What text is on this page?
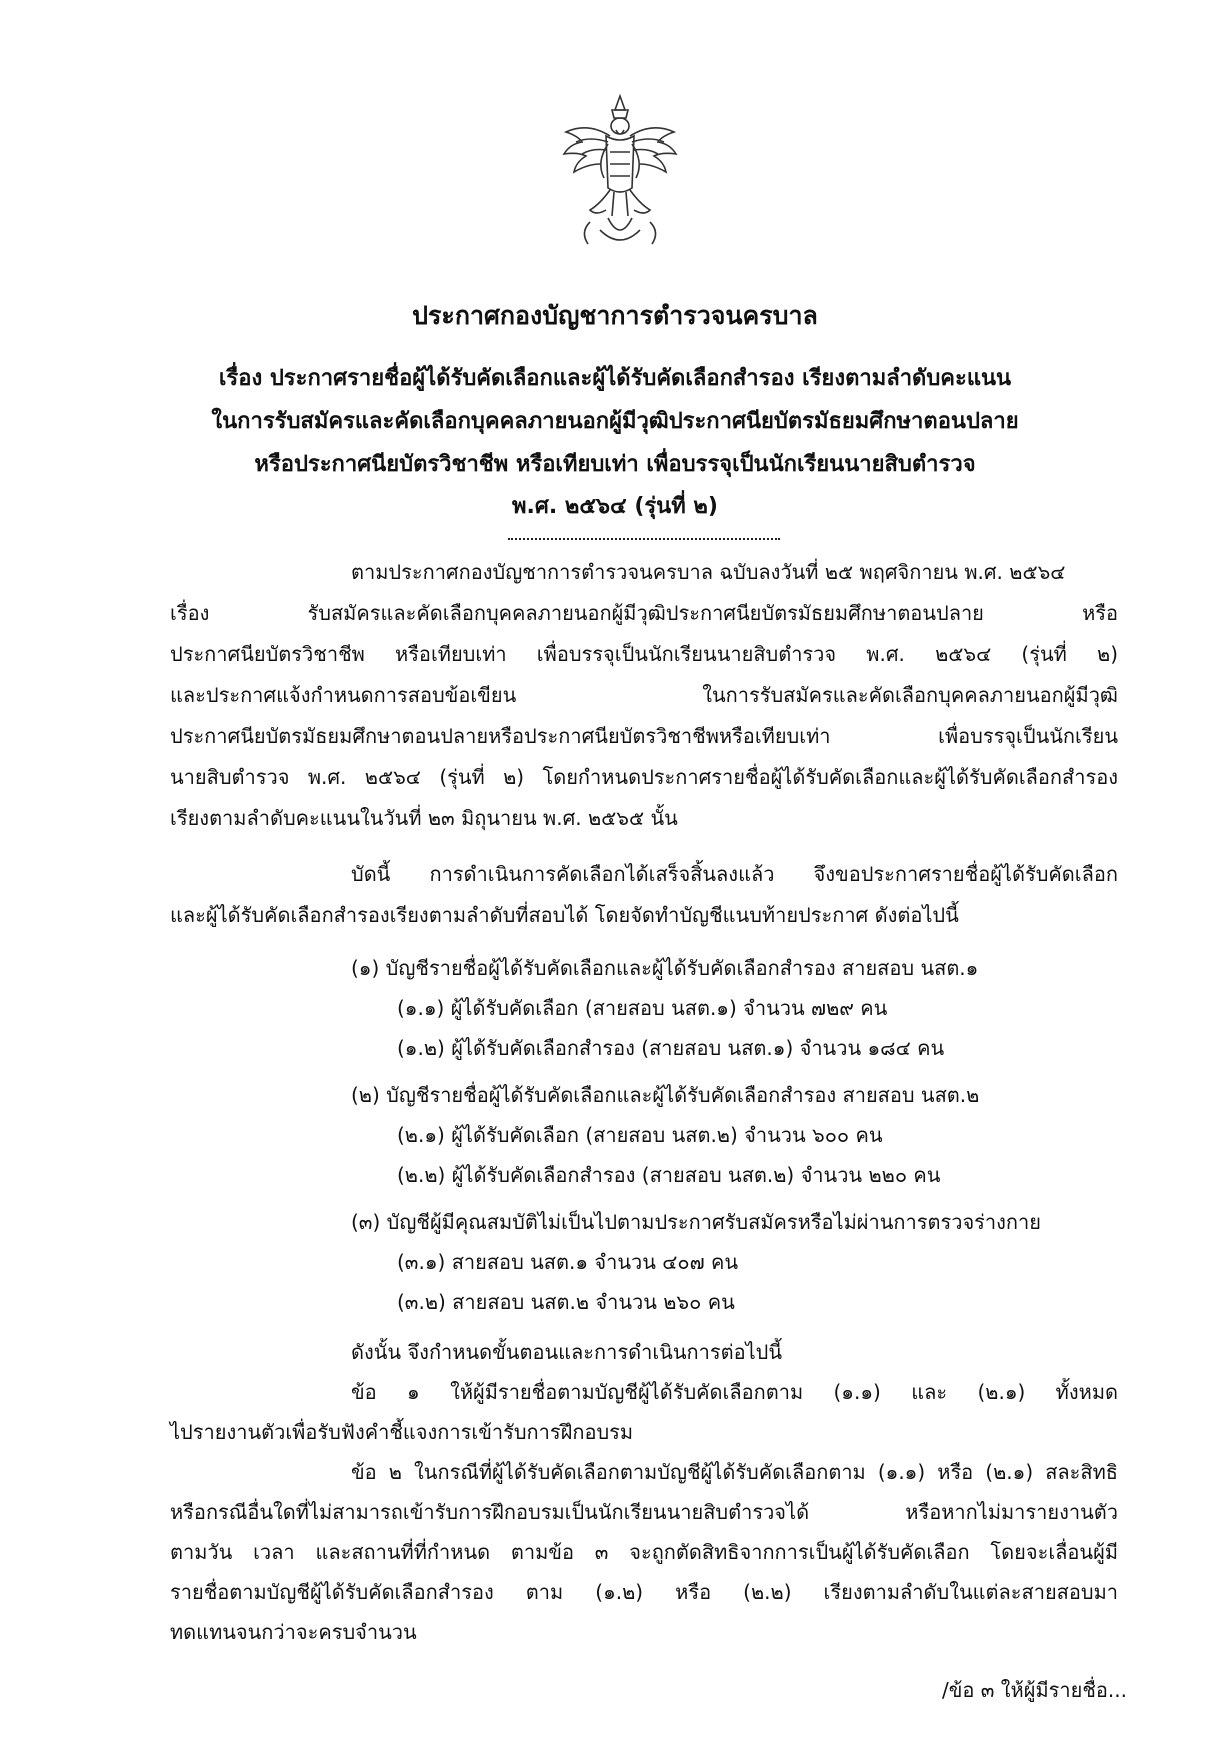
ประกาศกองบัญชาการตำรวจนครบาล
เรื่อง ประกาศรายชื่อผู้ได้รับคัดเลือกและผู้ได้รับคัดเลือกสำรอง เรียงตามลำดับคะแนน
ในการรับสมัครและคัดเลือกบุคคลภายนอกผู้มีวุฒิประกาศนียบัตรมัธยมศึกษาตอนปลาย
หรือประกาศนียบัตรวิชาชีพ หรือเทียบเท่า เพื่อบรรจุเป็นนักเรียนนายสิบตำรวจ
พ.ศ. ๒๕๖๔ (รุ่นที่ ๒)
ตามประกาศกองบัญชาการตำรวจนครบาล ฉบับลงวันที่ ๒๕ พฤศจิกายน พ.ศ. ๒๕๖๔
เรื่อง รับสมัครและคัดเลือกบุคคลภายนอกผู้มีวุฒิประกาศนียบัตรมัธยมศึกษาตอนปลาย หรือ
ประกาศนียบัตรวิชาชีพ หรือเทียบเท่า เพื่อบรรจุเป็นนักเรียนนายสิบตำรวจ พ.ศ. ๒๕๖๔ (รุ่นที่ ๒)
และประกาศแจ้งกำหนดการสอบข้อเขียน ในการรับสมัครและคัดเลือกบุคคลภายนอกผู้มีวุฒิ
ประกาศนียบัตรมัธยมศึกษาตอนปลายหรือประกาศนียบัตรวิชาชีพหรือเทียบเท่า เพื่อบรรจุเป็นนักเรียน
นายสิบตำรวจ พ.ศ. ๒๕๖๔ (รุ่นที่ ๒) โดยกำหนดประกาศรายชื่อผู้ได้รับคัดเลือกและผู้ได้รับคัดเลือกสำรอง
เรียงตามลำดับคะแนนในวันที่ ๒๓ มิถุนายน พ.ศ. ๒๕๖๕ นั้น
บัดนี้ การดำเนินการคัดเลือกได้เสร็จสิ้นลงแล้ว จึงขอประกาศรายชื่อผู้ได้รับคัดเลือก
และผู้ได้รับคัดเลือกสำรองเรียงตามลำดับที่สอบได้ โดยจัดทำบัญชีแนบท้ายประกาศ ดังต่อไปนี้
(๑) บัญชีรายชื่อผู้ได้รับคัดเลือกและผู้ได้รับคัดเลือกสำรอง สายสอบ นสต.๑
(๑.๑) ผู้ได้รับคัดเลือก (สายสอบ นสต.๑) จำนวน ๗๒๙ คน
(๑.๒) ผู้ได้รับคัดเลือกสำรอง (สายสอบ นสต.๑) จำนวน ๑๘๔ คน
(๒) บัญชีรายชื่อผู้ได้รับคัดเลือกและผู้ได้รับคัดเลือกสำรอง สายสอบ นสต.๒
(๒.๑) ผู้ได้รับคัดเลือก (สายสอบ นสต.๒) จำนวน ๖๐๐ คน
(๒.๒) ผู้ได้รับคัดเลือกสำรอง (สายสอบ นสต.๒) จำนวน ๒๒๐ คน
(๓) บัญชีผู้มีคุณสมบัติไม่เป็นไปตามประกาศรับสมัครหรือไม่ผ่านการตรวจร่างกาย
(๓.๑) สายสอบ นสต.๑ จำนวน ๔๐๗ คน
(๓.๒) สายสอบ นสต.๒ จำนวน ๒๖๐ คน
ดังนั้น จึงกำหนดขั้นตอนและการดำเนินการต่อไปนี้
ข้อ ๑ ให้ผู้มีรายชื่อตามบัญชีผู้ได้รับคัดเลือกตาม (๑.๑) และ (๒.๑) ทั้งหมด
ไปรายงานตัวเพื่อรับฟังคำชี้แจงการเข้ารับการฝึกอบรม
ข้อ ๒ ในกรณีที่ผู้ได้รับคัดเลือกตามบัญชีผู้ได้รับคัดเลือกตาม (๑.๑) หรือ (๒.๑) สละสิทธิ
หรือกรณีอื่นใดที่ไม่สามารถเข้ารับการฝึกอบรมเป็นนักเรียนนายสิบตำรวจได้ หรือหากไม่มารายงานตัว
ตามวัน เวลา และสถานที่ที่กำหนด ตามข้อ ๓ จะถูกตัดสิทธิจากการเป็นผู้ได้รับคัดเลือก โดยจะเลื่อนผู้มี
รายชื่อตามบัญชีผู้ได้รับคัดเลือกสำรอง ตาม (๑.๒) หรือ (๒.๒) เรียงตามลำดับในแต่ละสายสอบมา
ทดแทนจนกว่าจะครบจำนวน
/ข้อ ๓ ให้ผู้มีรายชื่อ...
